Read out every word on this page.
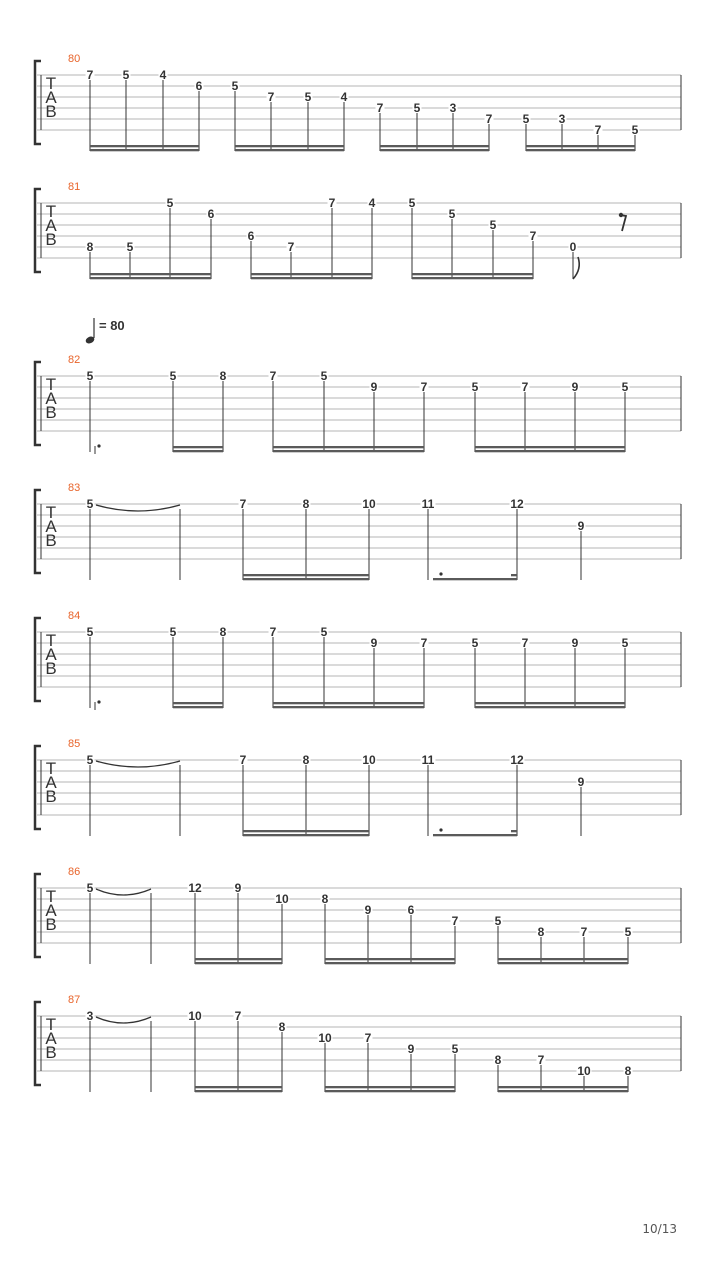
T
A
B
80
7 5	4
6 5
7	5 4
7	5 3
7	5 3
7	5
T
A
B
81
8	5
5
6
6
7
7	4	5
5
5
7
0
T
A
B
82
5	5	8	7	5
9	7	5	7	9	5
T
A
B
83
5	7	8	10	11	12
9
T
A
B
84
5	5	8	7	5
9	7	5	7	9	5
T
A
B
85
5	7	8	10	11	12
9
T
A
B
86
5	12	9
10	8
9	6
7	5
8	7	5
T
A
B
87
3	10	7
8
10	7
9	5
8	7
10	8
= 80
10/13
